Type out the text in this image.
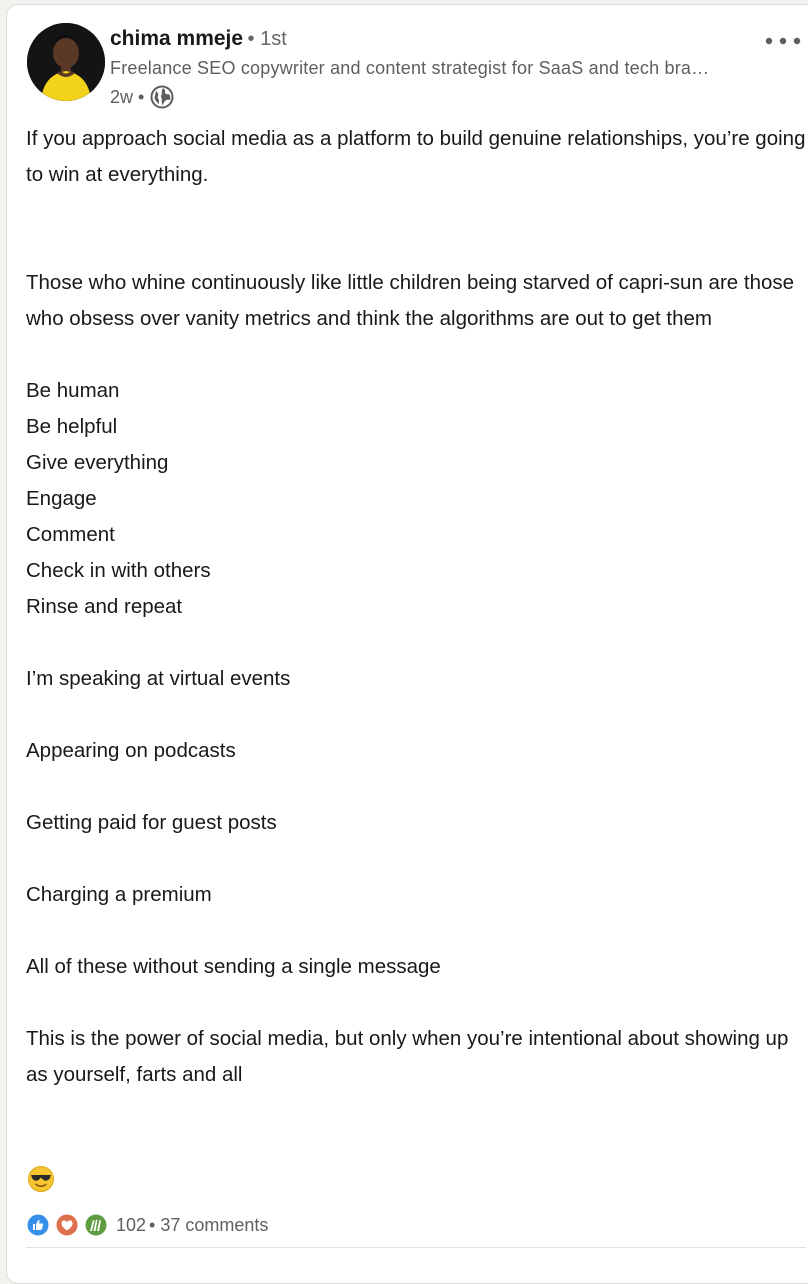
chima mmeje • 1st
Freelance SEO copywriter and content strategist for SaaS and tech bra…
2w •
If you approach social media as a platform to build genuine relationships, you’re going to win at everything.
Those who whine continuously like little children being starved of capri-sun are those who obsess over vanity metrics and think the algorithms are out to get them
Be human
Be helpful
Give everything
Engage
Comment
Check in with others
Rinse and repeat
I’m speaking at virtual events
Appearing on podcasts
Getting paid for guest posts
Charging a premium
All of these without sending a single message
This is the power of social media, but only when you’re intentional about showing up as yourself, farts and all
102 • 37 comments
